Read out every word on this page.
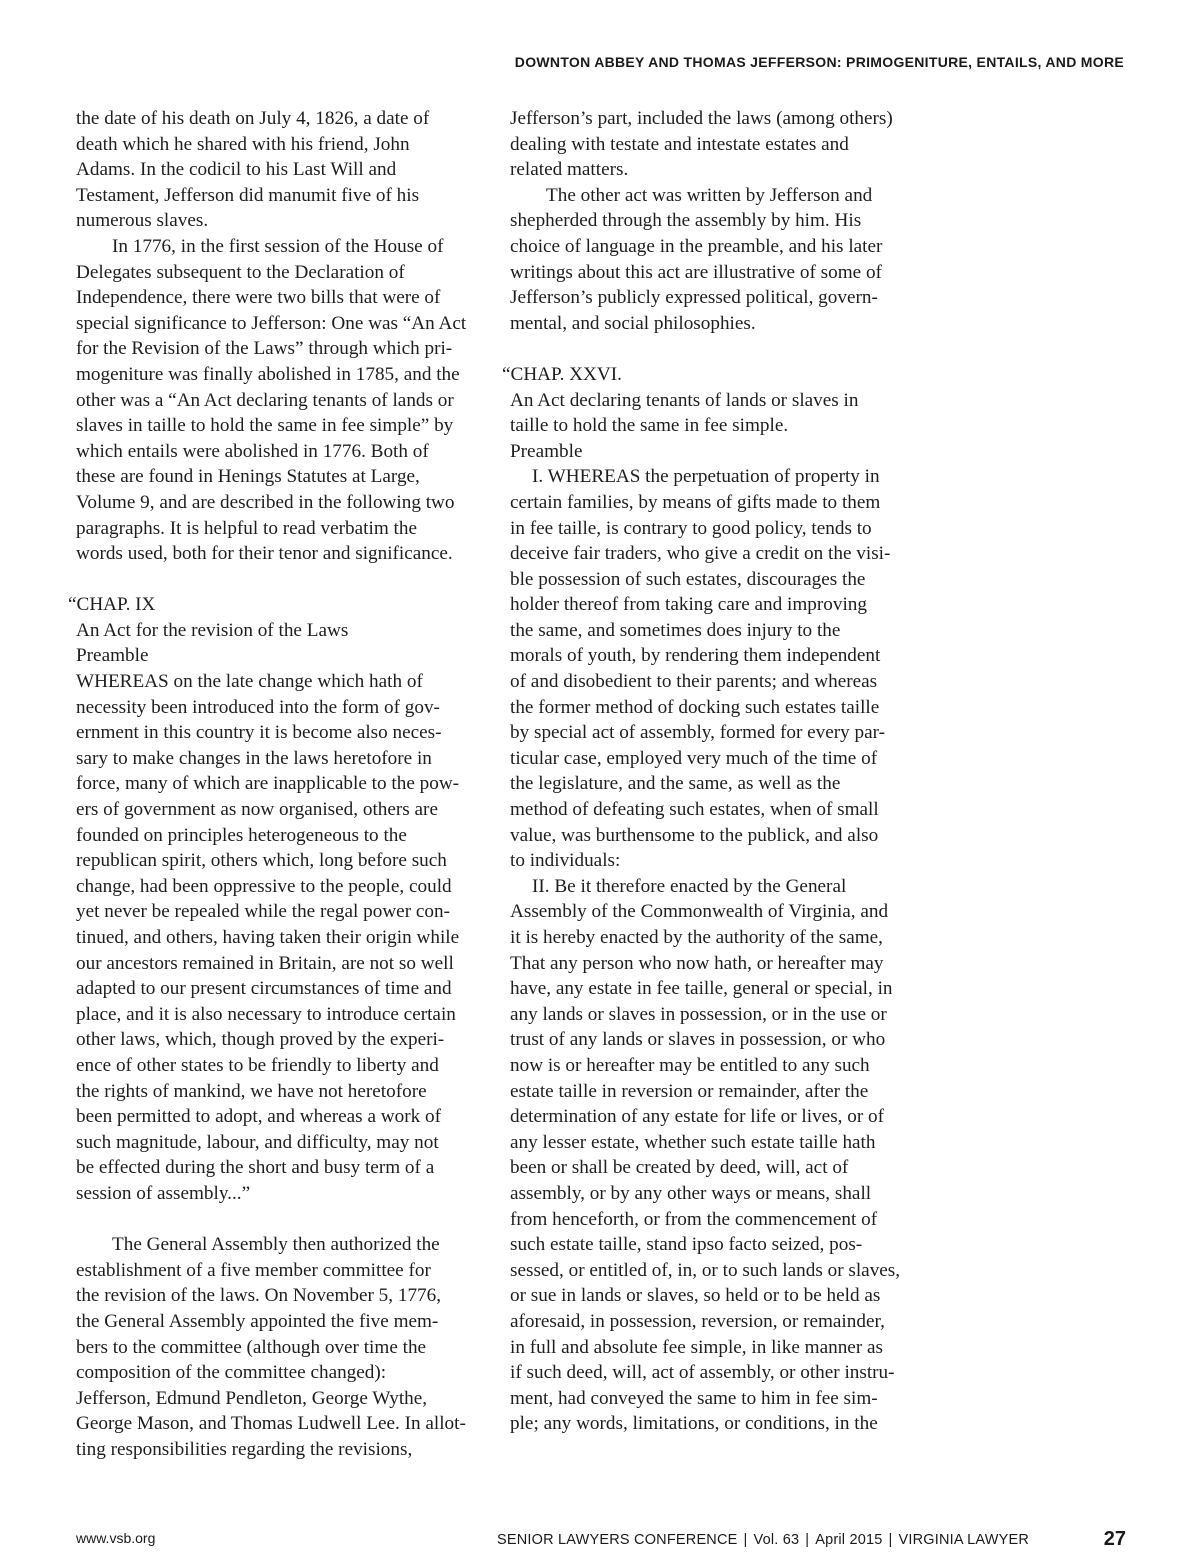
DOWNTON ABBEY AND THOMAS JEFFERSON: PRIMOGENITURE, ENTAILS, AND MORE

the date of his death on July 4, 1826, a date of
death which he shared with his friend, John
Adams. In the codicil to his Last Will and
Testament, Jefferson did manumit five of his
numerous slaves.

In 1776, in the first session of the House of
Delegates subsequent to the Declaration of
Independence, there were two bills that were of
special significance to Jefferson: One was “An Act
for the Revision of the Laws” through which pri-
mogeniture was finally abolished in 1785, and the
other was a “An Act declaring tenants of lands or
slaves in taille to hold the same in fee simple” by
which entails were abolished in 1776. Both of
these are found in Henings Statutes at Large,
Volume 9, and are described in the following two
paragraphs. It is helpful to read verbatim the
words used, both for their tenor and significance.

“CHAP. IX
An Act for the revision of the Laws
Preamble

WHEREAS on the late change which hath of
necessity been introduced into the form of gov-
ernment in this country it is become also neces-
sary to make changes in the laws heretofore in
force, many of which are inapplicable to the pow-
ers of government as now organised, others are
founded on principles heterogeneous to the
republican spirit, others which, long before such
change, had been oppressive to the people, could
yet never be repealed while the regal power con-
tinued, and others, having taken their origin while
our ancestors remained in Britain, are not so well
adapted to our present circumstances of time and
place, and it is also necessary to introduce certain
other laws, which, though proved by the experi-
ence of other states to be friendly to liberty and
the rights of mankind, we have not heretofore
been permitted to adopt, and whereas a work of
such magnitude, labour, and difficulty, may not
be effected during the short and busy term of a
session of assembly...”

The General Assembly then authorized the
establishment of a five member committee for
the revision of the laws. On November 5, 1776,
the General Assembly appointed the five mem-
bers to the committee (although over time the
composition of the committee changed):
Jefferson, Edmund Pendleton, George Wythe,
George Mason, and Thomas Ludwell Lee. In allot-
ting responsibilities regarding the revisions,

Jefferson’s part, included the laws (among others)
dealing with testate and intestate estates and
related matters.

The other act was written by Jefferson and
shepherded through the assembly by him. His
choice of language in the preamble, and his later
writings about this act are illustrative of some of
Jefferson’s publicly expressed political, govern-
mental, and social philosophies.

“CHAP. XXVI.

An Act declaring tenants of lands or slaves in
taille to hold the same in fee simple.

Preamble

I. WHEREAS the perpetuation of property in
certain families, by means of gifts made to them
in fee taille, is contrary to good policy, tends to
deceive fair traders, who give a credit on the visi-
ble possession of such estates, discourages the
holder thereof from taking care and improving
the same, and sometimes does injury to the
morals of youth, by rendering them independent
of and disobedient to their parents; and whereas
the former method of docking such estates taille
by special act of assembly, formed for every par-
ticular case, employed very much of the time of
the legislature, and the same, as well as the
method of defeating such estates, when of small
value, was burthensome to the publick, and also
to individuals:

II. Be it therefore enacted by the General
Assembly of the Commonwealth of Virginia, and
it is hereby enacted by the authority of the same,
That any person who now hath, or hereafter may
have, any estate in fee taille, general or special, in
any lands or slaves in possession, or in the use or
trust of any lands or slaves in possession, or who
now is or hereafter may be entitled to any such
estate taille in reversion or remainder, after the
determination of any estate for life or lives, or of
any lesser estate, whether such estate taille hath
been or shall be created by deed, will, act of
assembly, or by any other ways or means, shall
from henceforth, or from the commencement of
such estate taille, stand ipso facto seized, pos-
sessed, or entitled of, in, or to such lands or slaves,
or sue in lands or slaves, so held or to be held as
aforesaid, in possession, reversion, or remainder,
in full and absolute fee simple, in like manner as
if such deed, will, act of assembly, or other instru-
ment, had conveyed the same to him in fee sim-
ple; any words, limitations, or conditions, in the

www.vsb.org	SENIOR LAWYERS CONFERENCE | Vol. 63 | April 2015 | VIRGINIA LAWYER	27
